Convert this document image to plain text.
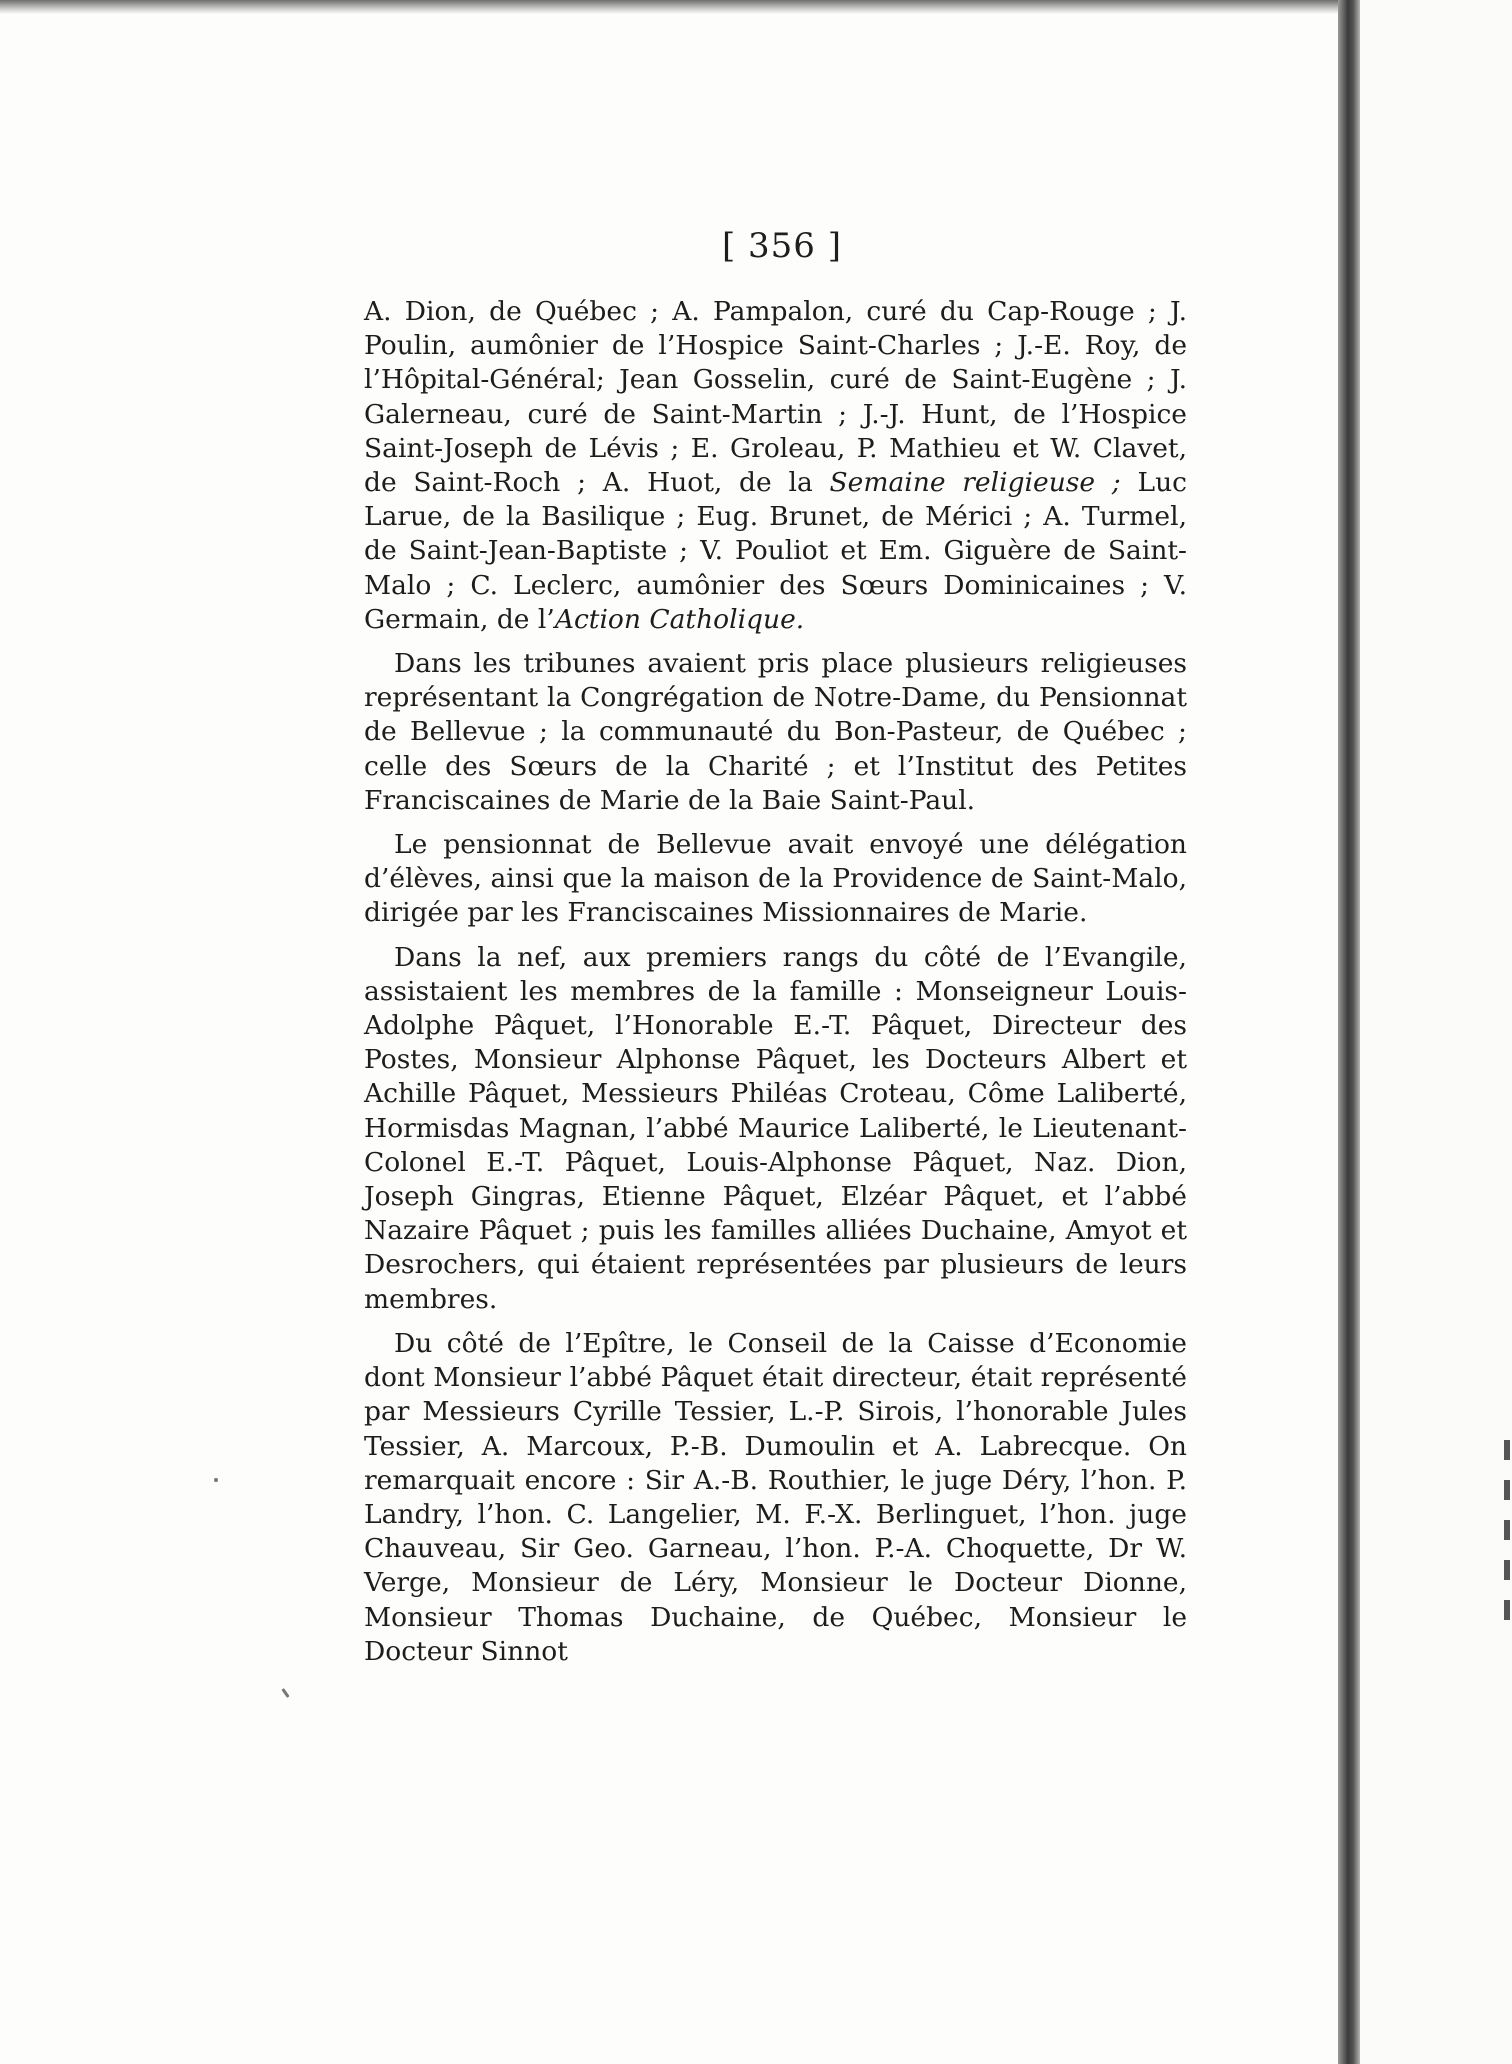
[ 356 ]

A. Dion, de Québec ; A. Pampalon, curé du Cap-Rouge ; J. Poulin, aumônier de l’Hospice Saint-Charles ; J.-E. Roy, de l’Hôpital-Général; Jean Gosselin, curé de Saint-Eugène ; J. Galerneau, curé de Saint-Martin ; J.-J. Hunt, de l’Hospice Saint-Joseph de Lévis ; E. Groleau, P. Mathieu et W. Clavet, de Saint-Roch ; A. Huot, de la Semaine religieuse ; Luc Larue, de la Basilique ; Eug. Brunet, de Mérici ; A. Turmel, de Saint-Jean-Baptiste ; V. Pouliot et Em. Giguère de Saint-Malo ; C. Leclerc, aumônier des Sœurs Dominicaines ; V. Germain, de l’Action Catholique.

Dans les tribunes avaient pris place plusieurs religieuses représentant la Congrégation de Notre-Dame, du Pensionnat de Bellevue ; la communauté du Bon-Pasteur, de Québec ; celle des Sœurs de la Charité ; et l’Institut des Petites Franciscaines de Marie de la Baie Saint-Paul.

Le pensionnat de Bellevue avait envoyé une délégation d’élèves, ainsi que la maison de la Providence de Saint-Malo, dirigée par les Franciscaines Missionnaires de Marie.

Dans la nef, aux premiers rangs du côté de l’Evangile, assistaient les membres de la famille : Monseigneur Louis-Adolphe Pâquet, l’Honorable E.-T. Pâquet, Directeur des Postes, Monsieur Alphonse Pâquet, les Docteurs Albert et Achille Pâquet, Messieurs Philéas Croteau, Côme Laliberté, Hormisdas Magnan, l’abbé Maurice Laliberté, le Lieutenant-Colonel E.-T. Pâquet, Louis-Alphonse Pâquet, Naz. Dion, Joseph Gingras, Etienne Pâquet, Elzéar Pâquet, et l’abbé Nazaire Pâquet ; puis les familles alliées Duchaine, Amyot et Desrochers, qui étaient représentées par plusieurs de leurs membres.

Du côté de l’Epître, le Conseil de la Caisse d’Economie dont Monsieur l’abbé Pâquet était directeur, était représenté par Messieurs Cyrille Tessier, L.-P. Sirois, l’honorable Jules Tessier, A. Marcoux, P.-B. Dumoulin et A. Labrecque. On remarquait encore : Sir A.-B. Routhier, le juge Déry, l’hon. P. Landry, l’hon. C. Langelier, M. F.-X. Berlinguet, l’hon. juge Chauveau, Sir Geo. Garneau, l’hon. P.-A. Choquette, Dr W. Verge, Monsieur de Léry, Monsieur le Docteur Dionne, Monsieur Thomas Duchaine, de Québec, Monsieur le Docteur Sinnot
